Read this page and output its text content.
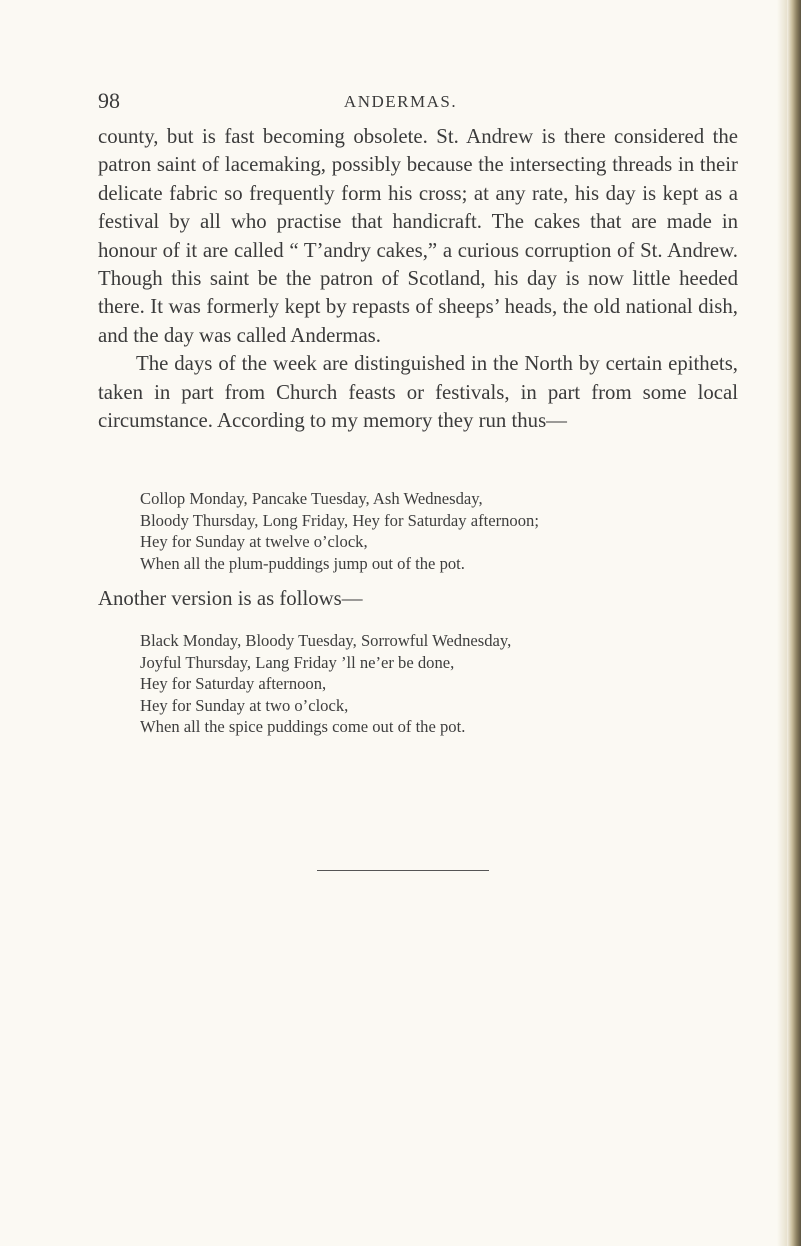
98	ANDERMAS.

county, but is fast becoming obsolete. St. Andrew is there considered the patron saint of lacemaking, possibly because the intersecting threads in their delicate fabric so frequently form his cross; at any rate, his day is kept as a festival by all who practise that handicraft. The cakes that are made in honour of it are called “ T’andry cakes,” a curious corruption of St. Andrew. Though this saint be the patron of Scotland, his day is now little heeded there. It was formerly kept by repasts of sheeps’ heads, the old national dish, and the day was called Andermas.

The days of the week are distinguished in the North by certain epithets, taken in part from Church feasts or festivals, in part from some local circumstance. According to my memory they run thus—

Collop Monday, Pancake Tuesday, Ash Wednesday,
Bloody Thursday, Long Friday, Hey for Saturday afternoon;
Hey for Sunday at twelve o’clock,
When all the plum-puddings jump out of the pot.
Another version is as follows—
Black Monday, Bloody Tuesday, Sorrowful Wednesday,
Joyful Thursday, Lang Friday ’ll ne’er be done,
Hey for Saturday afternoon,
Hey for Sunday at two o’clock,
When all the spice puddings come out of the pot.
